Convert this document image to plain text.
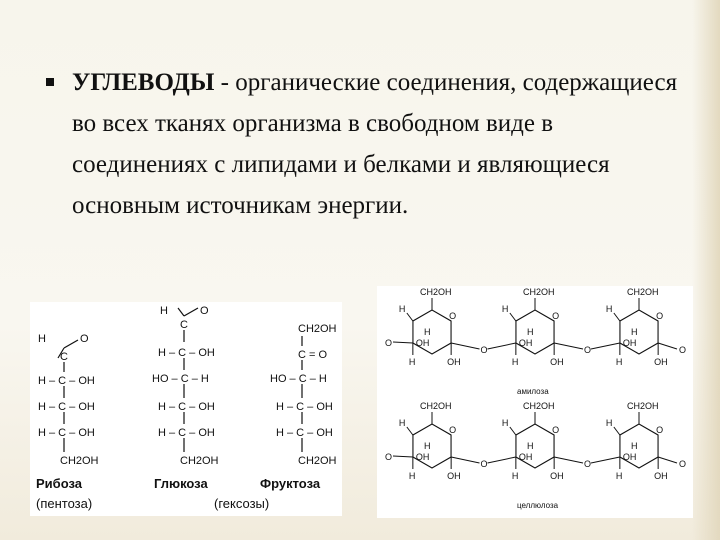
УГЛЕВОДЫ - органические соединения, содержащиеся во всех тканях организма в свободном виде в соединениях с липидами и белками и являющиеся основным источникам энергии.
H	O
C
H – C – OH
H – C – OH
H – C – OH
CH2OH
H	O
C
H – C – OH
HO – C – H
H – C – OH
H – C – OH
CH2OH
CH2OH
C = O
HO – C – H
H – C – OH
H – C – OH
CH2OH
Рибоза	Глюкоза	Фруктоза
(пентоза)	(гексозы)
CH2OH
H
O
H
OH
H	OH
CH2OH
H
O
H
OH
H	OH
CH2OH
H
O
H
OH
H	OH
O
O	O	O
амилоза
CH2OH
H
O
H
OH
H	OH
CH2OH
H
O
H
OH
H	OH
CH2OH
H
O
H
OH
H	OH
O
O	O	O
целлюлоза
